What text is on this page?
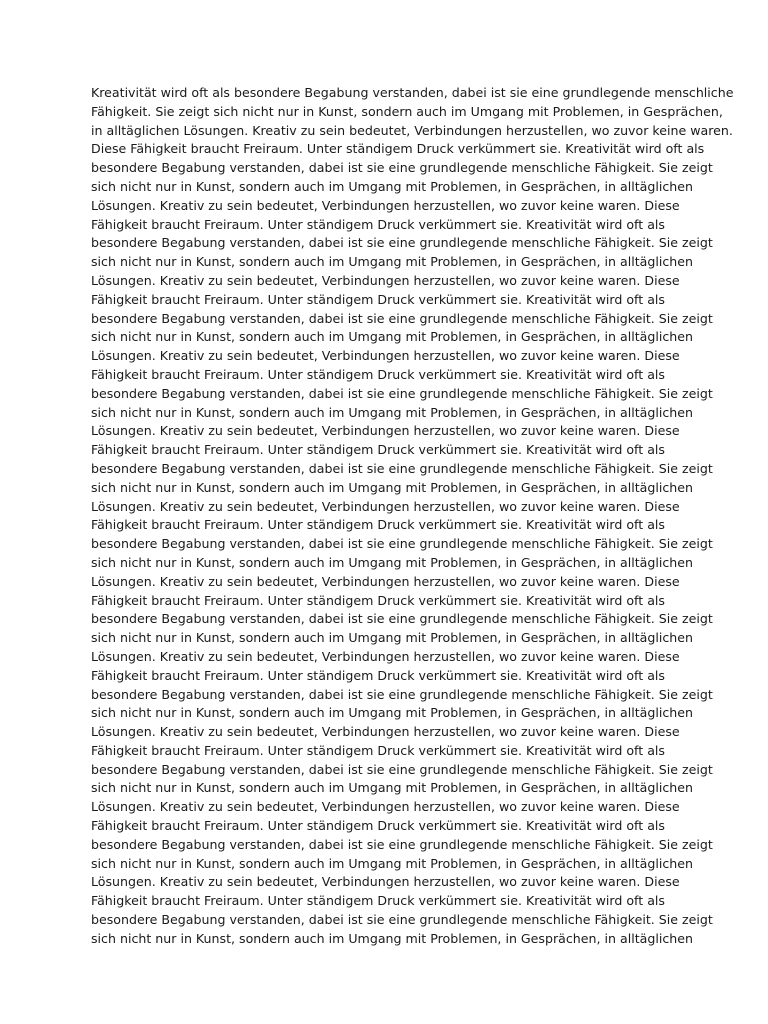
Kreativität wird oft als besondere Begabung verstanden, dabei ist sie eine grundlegende menschliche
Fähigkeit. Sie zeigt sich nicht nur in Kunst, sondern auch im Umgang mit Problemen, in Gesprächen,
in alltäglichen Lösungen. Kreativ zu sein bedeutet, Verbindungen herzustellen, wo zuvor keine waren.
Diese Fähigkeit braucht Freiraum. Unter ständigem Druck verkümmert sie. Kreativität wird oft als
besondere Begabung verstanden, dabei ist sie eine grundlegende menschliche Fähigkeit. Sie zeigt
sich nicht nur in Kunst, sondern auch im Umgang mit Problemen, in Gesprächen, in alltäglichen
Lösungen. Kreativ zu sein bedeutet, Verbindungen herzustellen, wo zuvor keine waren. Diese
Fähigkeit braucht Freiraum. Unter ständigem Druck verkümmert sie. Kreativität wird oft als
besondere Begabung verstanden, dabei ist sie eine grundlegende menschliche Fähigkeit. Sie zeigt
sich nicht nur in Kunst, sondern auch im Umgang mit Problemen, in Gesprächen, in alltäglichen
Lösungen. Kreativ zu sein bedeutet, Verbindungen herzustellen, wo zuvor keine waren. Diese
Fähigkeit braucht Freiraum. Unter ständigem Druck verkümmert sie. Kreativität wird oft als
besondere Begabung verstanden, dabei ist sie eine grundlegende menschliche Fähigkeit. Sie zeigt
sich nicht nur in Kunst, sondern auch im Umgang mit Problemen, in Gesprächen, in alltäglichen
Lösungen. Kreativ zu sein bedeutet, Verbindungen herzustellen, wo zuvor keine waren. Diese
Fähigkeit braucht Freiraum. Unter ständigem Druck verkümmert sie. Kreativität wird oft als
besondere Begabung verstanden, dabei ist sie eine grundlegende menschliche Fähigkeit. Sie zeigt
sich nicht nur in Kunst, sondern auch im Umgang mit Problemen, in Gesprächen, in alltäglichen
Lösungen. Kreativ zu sein bedeutet, Verbindungen herzustellen, wo zuvor keine waren. Diese
Fähigkeit braucht Freiraum. Unter ständigem Druck verkümmert sie. Kreativität wird oft als
besondere Begabung verstanden, dabei ist sie eine grundlegende menschliche Fähigkeit. Sie zeigt
sich nicht nur in Kunst, sondern auch im Umgang mit Problemen, in Gesprächen, in alltäglichen
Lösungen. Kreativ zu sein bedeutet, Verbindungen herzustellen, wo zuvor keine waren. Diese
Fähigkeit braucht Freiraum. Unter ständigem Druck verkümmert sie. Kreativität wird oft als
besondere Begabung verstanden, dabei ist sie eine grundlegende menschliche Fähigkeit. Sie zeigt
sich nicht nur in Kunst, sondern auch im Umgang mit Problemen, in Gesprächen, in alltäglichen
Lösungen. Kreativ zu sein bedeutet, Verbindungen herzustellen, wo zuvor keine waren. Diese
Fähigkeit braucht Freiraum. Unter ständigem Druck verkümmert sie. Kreativität wird oft als
besondere Begabung verstanden, dabei ist sie eine grundlegende menschliche Fähigkeit. Sie zeigt
sich nicht nur in Kunst, sondern auch im Umgang mit Problemen, in Gesprächen, in alltäglichen
Lösungen. Kreativ zu sein bedeutet, Verbindungen herzustellen, wo zuvor keine waren. Diese
Fähigkeit braucht Freiraum. Unter ständigem Druck verkümmert sie. Kreativität wird oft als
besondere Begabung verstanden, dabei ist sie eine grundlegende menschliche Fähigkeit. Sie zeigt
sich nicht nur in Kunst, sondern auch im Umgang mit Problemen, in Gesprächen, in alltäglichen
Lösungen. Kreativ zu sein bedeutet, Verbindungen herzustellen, wo zuvor keine waren. Diese
Fähigkeit braucht Freiraum. Unter ständigem Druck verkümmert sie. Kreativität wird oft als
besondere Begabung verstanden, dabei ist sie eine grundlegende menschliche Fähigkeit. Sie zeigt
sich nicht nur in Kunst, sondern auch im Umgang mit Problemen, in Gesprächen, in alltäglichen
Lösungen. Kreativ zu sein bedeutet, Verbindungen herzustellen, wo zuvor keine waren. Diese
Fähigkeit braucht Freiraum. Unter ständigem Druck verkümmert sie. Kreativität wird oft als
besondere Begabung verstanden, dabei ist sie eine grundlegende menschliche Fähigkeit. Sie zeigt
sich nicht nur in Kunst, sondern auch im Umgang mit Problemen, in Gesprächen, in alltäglichen
Lösungen. Kreativ zu sein bedeutet, Verbindungen herzustellen, wo zuvor keine waren. Diese
Fähigkeit braucht Freiraum. Unter ständigem Druck verkümmert sie. Kreativität wird oft als
besondere Begabung verstanden, dabei ist sie eine grundlegende menschliche Fähigkeit. Sie zeigt
sich nicht nur in Kunst, sondern auch im Umgang mit Problemen, in Gesprächen, in alltäglichen
